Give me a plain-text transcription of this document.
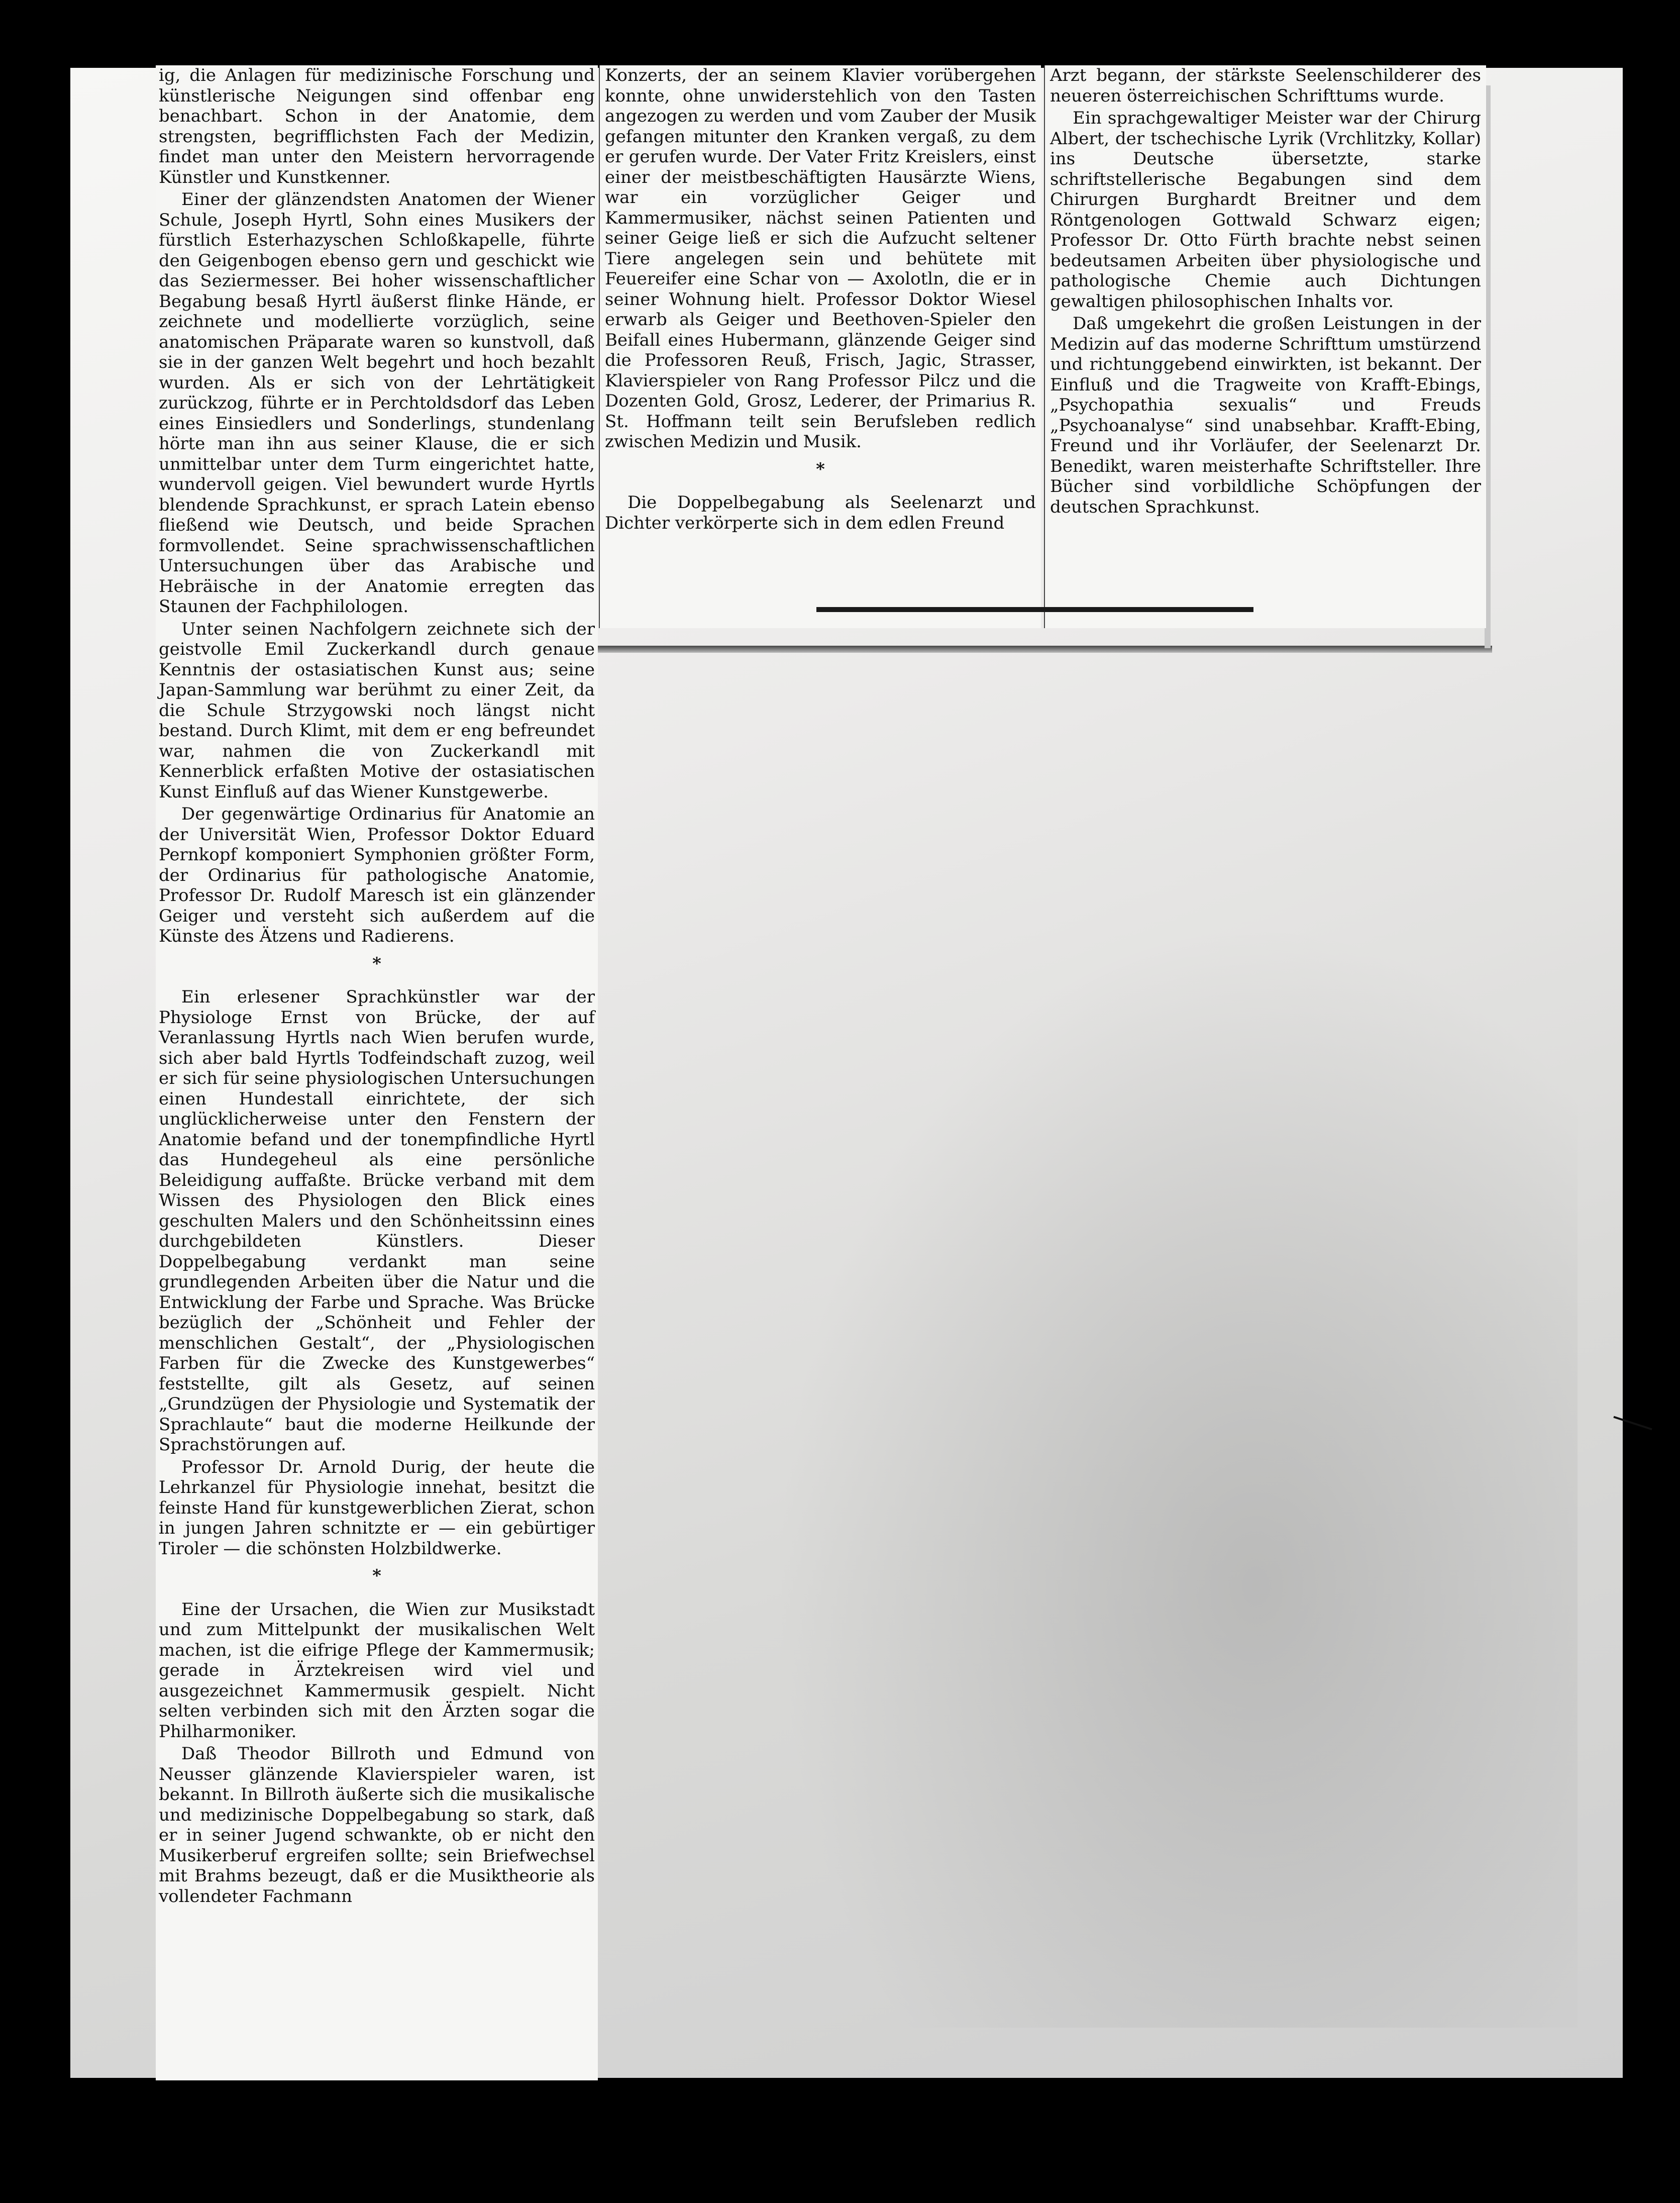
ig, die Anlagen für medizinische Forschung und künstlerische Neigungen sind offenbar eng benachbart. Schon in der Anatomie, dem strengsten, begrifflichsten Fach der Medizin, findet man unter den Meistern hervorragende Künstler und Kunstkenner.

Einer der glänzendsten Anatomen der Wiener Schule, Joseph Hyrtl, Sohn eines Musikers der fürstlich Esterhazyschen Schloßkapelle, führte den Geigenbogen ebenso gern und geschickt wie das Seziermesser. Bei hoher wissenschaftlicher Begabung besaß Hyrtl äußerst flinke Hände, er zeichnete und modellierte vorzüglich, seine anatomischen Präparate waren so kunstvoll, daß sie in der ganzen Welt begehrt und hoch bezahlt wurden. Als er sich von der Lehrtätigkeit zurückzog, führte er in Perchtoldsdorf das Leben eines Einsiedlers und Sonderlings, stundenlang hörte man ihn aus seiner Klause, die er sich unmittelbar unter dem Turm eingerichtet hatte, wundervoll geigen. Viel bewundert wurde Hyrtls blendende Sprachkunst, er sprach Latein ebenso fließend wie Deutsch, und beide Sprachen formvollendet. Seine sprachwissenschaftlichen Untersuchungen über das Arabische und Hebräische in der Anatomie erregten das Staunen der Fachphilologen.

Unter seinen Nachfolgern zeichnete sich der geistvolle Emil Zuckerkandl durch genaue Kenntnis der ostasiatischen Kunst aus; seine Japan-Sammlung war berühmt zu einer Zeit, da die Schule Strzygowski noch längst nicht bestand. Durch Klimt, mit dem er eng befreundet war, nahmen die von Zuckerkandl mit Kennerblick erfaßten Motive der ostasiatischen Kunst Einfluß auf das Wiener Kunstgewerbe.

Der gegenwärtige Ordinarius für Anatomie an der Universität Wien, Professor Doktor Eduard Pernkopf komponiert Symphonien größter Form, der Ordinarius für pathologische Anatomie, Professor Dr. Rudolf Maresch ist ein glänzender Geiger und versteht sich außerdem auf die Künste des Ätzens und Radierens.

*

Ein erlesener Sprachkünstler war der Physiologe Ernst von Brücke, der auf Veranlassung Hyrtls nach Wien berufen wurde, sich aber bald Hyrtls Todfeindschaft zuzog, weil er sich für seine physiologischen Untersuchungen einen Hundestall einrichtete, der sich unglücklicherweise unter den Fenstern der Anatomie befand und der tonempfindliche Hyrtl das Hundegeheul als eine persönliche Beleidigung auffaßte. Brücke verband mit dem Wissen des Physiologen den Blick eines geschulten Malers und den Schönheitssinn eines durchgebildeten Künstlers. Dieser Doppelbegabung verdankt man seine grundlegenden Arbeiten über die Natur und die Entwicklung der Farbe und Sprache. Was Brücke bezüglich der „Schönheit und Fehler der menschlichen Gestalt“, der „Physiologischen Farben für die Zwecke des Kunstgewerbes“ feststellte, gilt als Gesetz, auf seinen „Grundzügen der Physiologie und Systematik der Sprachlaute“ baut die moderne Heilkunde der Sprachstörungen auf.

Professor Dr. Arnold Durig, der heute die Lehrkanzel für Physiologie innehat, besitzt die feinste Hand für kunstgewerblichen Zierat, schon in jungen Jahren schnitzte er — ein gebürtiger Tiroler — die schönsten Holzbildwerke.

*

Eine der Ursachen, die Wien zur Musikstadt und zum Mittelpunkt der musikalischen Welt machen, ist die eifrige Pflege der Kammermusik; gerade in Ärztekreisen wird viel und ausgezeichnet Kammermusik gespielt. Nicht selten verbinden sich mit den Ärzten sogar die Philharmoniker.

Daß Theodor Billroth und Edmund von Neusser glänzende Klavierspieler waren, ist bekannt. In Billroth äußerte sich die musikalische und medizinische Doppelbegabung so stark, daß er in seiner Jugend schwankte, ob er nicht den Musikerberuf ergreifen sollte; sein Briefwechsel mit Brahms bezeugt, daß er die Musiktheorie als vollendeter Fachmann

Konzerts, der an seinem Klavier vorübergehen konnte, ohne unwiderstehlich von den Tasten angezogen zu werden und vom Zauber der Musik gefangen mitunter den Kranken vergaß, zu dem er gerufen wurde. Der Vater Fritz Kreislers, einst einer der meistbeschäftigten Hausärzte Wiens, war ein vorzüglicher Geiger und Kammermusiker, nächst seinen Patienten und seiner Geige ließ er sich die Aufzucht seltener Tiere angelegen sein und behütete mit Feuereifer eine Schar von — Axolotln, die er in seiner Wohnung hielt. Professor Doktor Wiesel erwarb als Geiger und Beethoven-Spieler den Beifall eines Hubermann, glänzende Geiger sind die Professoren Reuß, Frisch, Jagic, Strasser, Klavierspieler von Rang Professor Pilcz und die Dozenten Gold, Grosz, Lederer, der Primarius R. St. Hoffmann teilt sein Berufsleben redlich zwischen Medizin und Musik.

*

Die Doppelbegabung als Seelenarzt und Dichter verkörperte sich in dem edlen Freund

Arzt begann, der stärkste Seelenschilderer des neueren österreichischen Schrifttums wurde.

Ein sprachgewaltiger Meister war der Chirurg Albert, der tschechische Lyrik (Vrchlitzky, Kollar) ins Deutsche übersetzte, starke schriftstellerische Begabungen sind dem Chirurgen Burghardt Breitner und dem Röntgenologen Gottwald Schwarz eigen; Professor Dr. Otto Fürth brachte nebst seinen bedeutsamen Arbeiten über physiologische und pathologische Chemie auch Dichtungen gewaltigen philosophischen Inhalts vor.

Daß umgekehrt die großen Leistungen in der Medizin auf das moderne Schrifttum umstürzend und richtunggebend einwirkten, ist bekannt. Der Einfluß und die Tragweite von Krafft-Ebings, „Psychopathia sexualis“ und Freuds „Psychoanalyse“ sind unabsehbar. Krafft-Ebing, Freund und ihr Vorläufer, der Seelenarzt Dr. Benedikt, waren meisterhafte Schriftsteller. Ihre Bücher sind vorbildliche Schöpfungen der deutschen Sprachkunst.
